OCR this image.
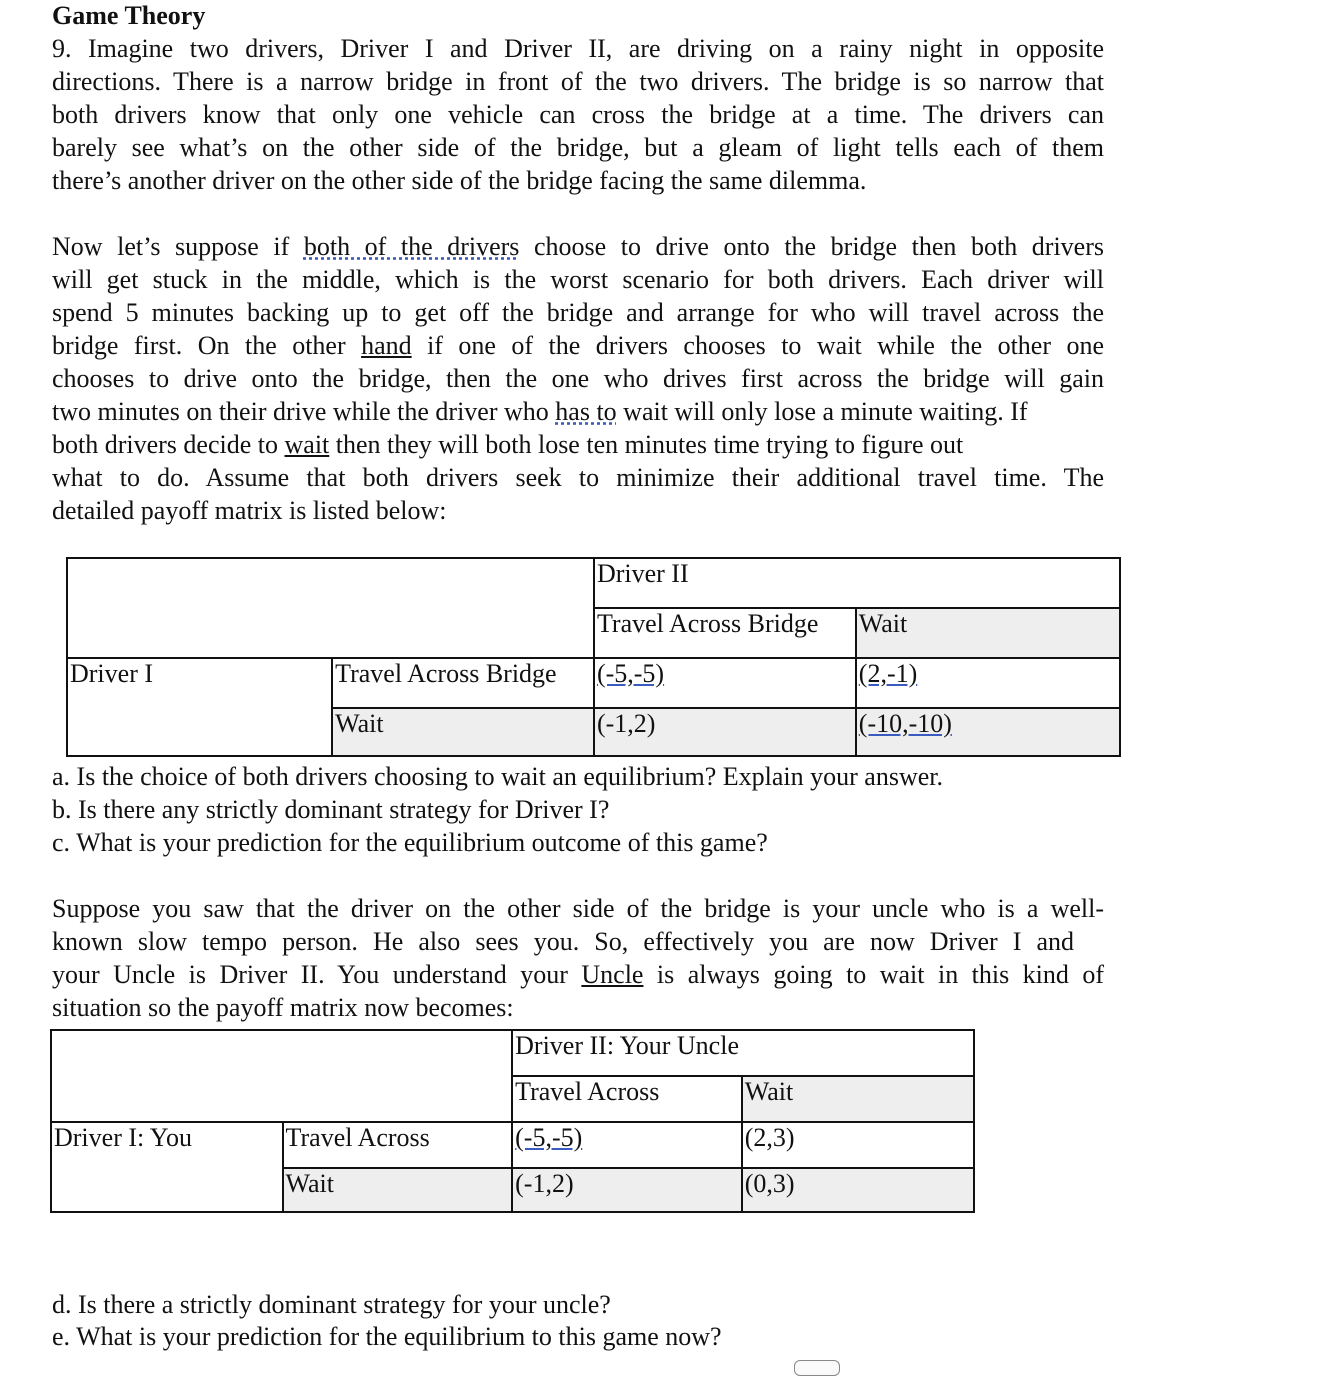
Game Theory
9. Imagine two drivers, Driver I and Driver II, are driving on a rainy night in opposite
directions. There is a narrow bridge in front of the two drivers. The bridge is so narrow that
both drivers know that only one vehicle can cross the bridge at a time. The drivers can
barely see what’s on the other side of the bridge, but a gleam of light tells each of them
there’s another driver on the other side of the bridge facing the same dilemma.
Now let’s suppose if both of the drivers choose to drive onto the bridge then both drivers
will get stuck in the middle, which is the worst scenario for both drivers. Each driver will
spend 5 minutes backing up to get off the bridge and arrange for who will travel across the
bridge first. On the other hand if one of the drivers chooses to wait while the other one
chooses to drive onto the bridge, then the one who drives first across the bridge will gain
two minutes on their drive while the driver who has to wait will only lose a minute waiting. If
both drivers decide to wait then they will both lose ten minutes time trying to figure out
what to do. Assume that both drivers seek to minimize their additional travel time. The
detailed payoff matrix is listed below:
		Driver II	
		Travel Across Bridge	Wait
Driver I	Travel Across Bridge	(-5,-5)	(2,-1)
	Wait	(-1,2)	(-10,-10)
a. Is the choice of both drivers choosing to wait an equilibrium? Explain your answer.
b. Is there any strictly dominant strategy for Driver I?
c. What is your prediction for the equilibrium outcome of this game?
Suppose you saw that the driver on the other side of the bridge is your uncle who is a well-
known slow tempo person. He also sees you. So, effectively you are now Driver I and
your Uncle is Driver II. You understand your Uncle is always going to wait in this kind of
situation so the payoff matrix now becomes:
		Driver II: Your Uncle	
		Travel Across	Wait
Driver I: You	Travel Across	(-5,-5)	(2,3)
	Wait	(-1,2)	(0,3)
d. Is there a strictly dominant strategy for your uncle?
e. What is your prediction for the equilibrium to this game now?
